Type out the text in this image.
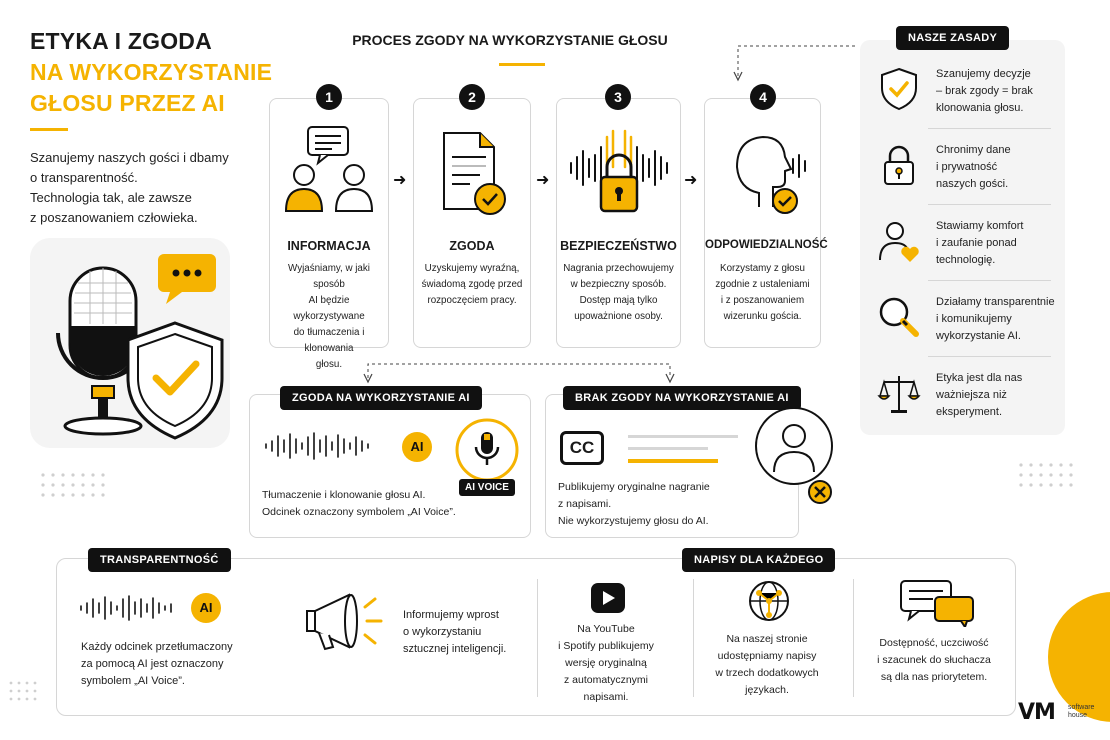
ETYKA I ZGODA
NA WYKORZYSTANIE
GŁOSU PRZEZ AI
Szanujemy naszych gości i dbamy
o transparentność.
Technologia tak, ale zawsze
z poszanowaniem człowieka.
PROCES ZGODY NA WYKORZYSTANIE GŁOSU
INFORMACJA
Wyjaśniamy, w jaki sposób
AI będzie wykorzystywane
do tłumaczenia i klonowania
głosu.
1
➜
ZGODA
Uzyskujemy wyraźną,
świadomą zgodę przed
rozpoczęciem pracy.
2
➜
BEZPIECZEŃSTWO
Nagrania przechowujemy
w bezpieczny sposób.
Dostęp mają tylko
upoważnione osoby.
3
➜
ODPOWIEDZIALNOŚĆ
Korzystamy z głosu
zgodnie z ustaleniami
i z poszanowaniem
wizerunku gościa.
4
AI
AI VOICE
Tłumaczenie i klonowanie głosu AI.
Odcinek oznaczony symbolem „AI Voice”.
ZGODA NA WYKORZYSTANIE AI
CC
Publikujemy oryginalne nagranie
z napisami.
Nie wykorzystujemy głosu do AI.
BRAK ZGODY NA WYKORZYSTANIE AI
Szanujemy decyzje
– brak zgody = brak
klonowania głosu.
Chronimy dane
i prywatność
naszych gości.
Stawiamy komfort
i zaufanie ponad
technologię.
Działamy transparentnie
i komunikujemy
wykorzystanie AI.
Etyka jest dla nas
ważniejsza niż
eksperyment.
NASZE ZASADY
AI
Każdy odcinek przetłumaczony
za pomocą AI jest oznaczony
symbolem „AI Voice”.
Informujemy wprost
o wykorzystaniu
sztucznej inteligencji.
Na YouTube
i Spotify publikujemy
wersję oryginalną
z automatycznymi
napisami.
Na naszej stronie
udostępniamy napisy
w trzech dodatkowych
językach.
Dostępność, uczciwość
i szacunek do słuchacza
są dla nas priorytetem.
TRANSPARENTNOŚĆ	NAPISY DLA KAŻDEGO
VM software
house
